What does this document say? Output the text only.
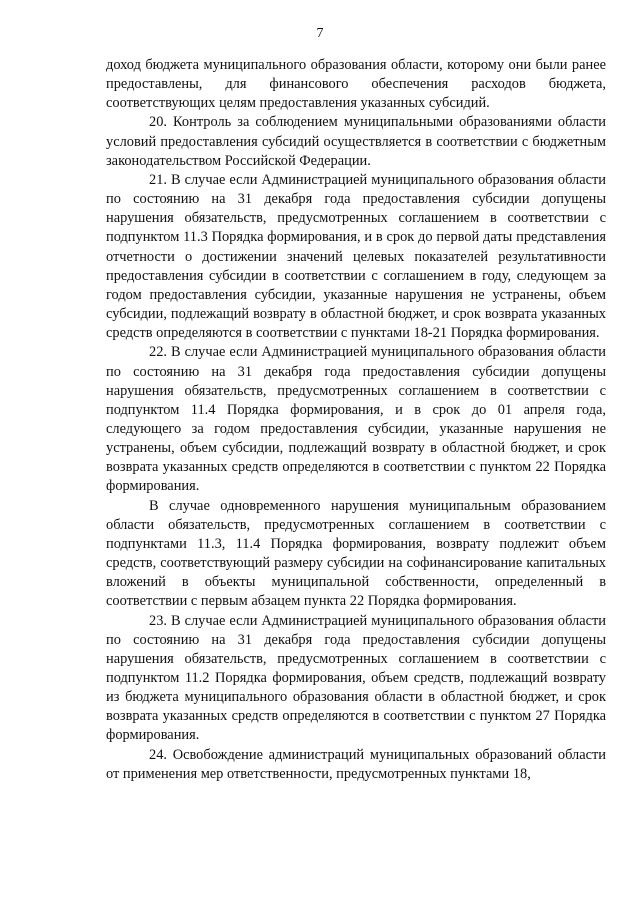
7

доход бюджета муниципального образования области, которому они были ранее предоставлены, для финансового обеспечения расходов бюджета, соответствующих целям предоставления указанных субсидий.

20. Контроль за соблюдением муниципальными образованиями области условий предоставления субсидий осуществляется в соответствии с бюджетным законодательством Российской Федерации.

21. В случае если Администрацией муниципального образования области по состоянию на 31 декабря года предоставления субсидии допущены нарушения обязательств, предусмотренных соглашением в соответствии с подпунктом 11.3 Порядка формирования, и в срок до первой даты представления отчетности о достижении значений целевых показателей результативности предоставления субсидии в соответствии с соглашением в году, следующем за годом предоставления субсидии, указанные нарушения не устранены, объем субсидии, подлежащий возврату в областной бюджет, и срок возврата указанных средств определяются в соответствии с пунктами 18-21 Порядка формирования.

22. В случае если Администрацией муниципального образования области по состоянию на 31 декабря года предоставления субсидии допущены нарушения обязательств, предусмотренных соглашением в соответствии с подпунктом 11.4 Порядка формирования, и в срок до 01 апреля года, следующего за годом предоставления субсидии, указанные нарушения не устранены, объем субсидии, подлежащий возврату в областной бюджет, и срок возврата указанных средств определяются в соответствии с пунктом 22 Порядка формирования.

В случае одновременного нарушения муниципальным образованием области обязательств, предусмотренных соглашением в соответствии с подпунктами 11.3, 11.4 Порядка формирования, возврату подлежит объем средств, соответствующий размеру субсидии на софинансирование капитальных вложений в объекты муниципальной собственности, определенный в соответствии с первым абзацем пункта 22 Порядка формирования.

23. В случае если Администрацией муниципального образования области по состоянию на 31 декабря года предоставления субсидии допущены нарушения обязательств, предусмотренных соглашением в соответствии с подпунктом 11.2 Порядка формирования, объем средств, подлежащий возврату из бюджета муниципального образования области в областной бюджет, и срок возврата указанных средств определяются в соответствии с пунктом 27 Порядка формирования.

24. Освобождение администраций муниципальных образований области от применения мер ответственности, предусмотренных пунктами 18,
